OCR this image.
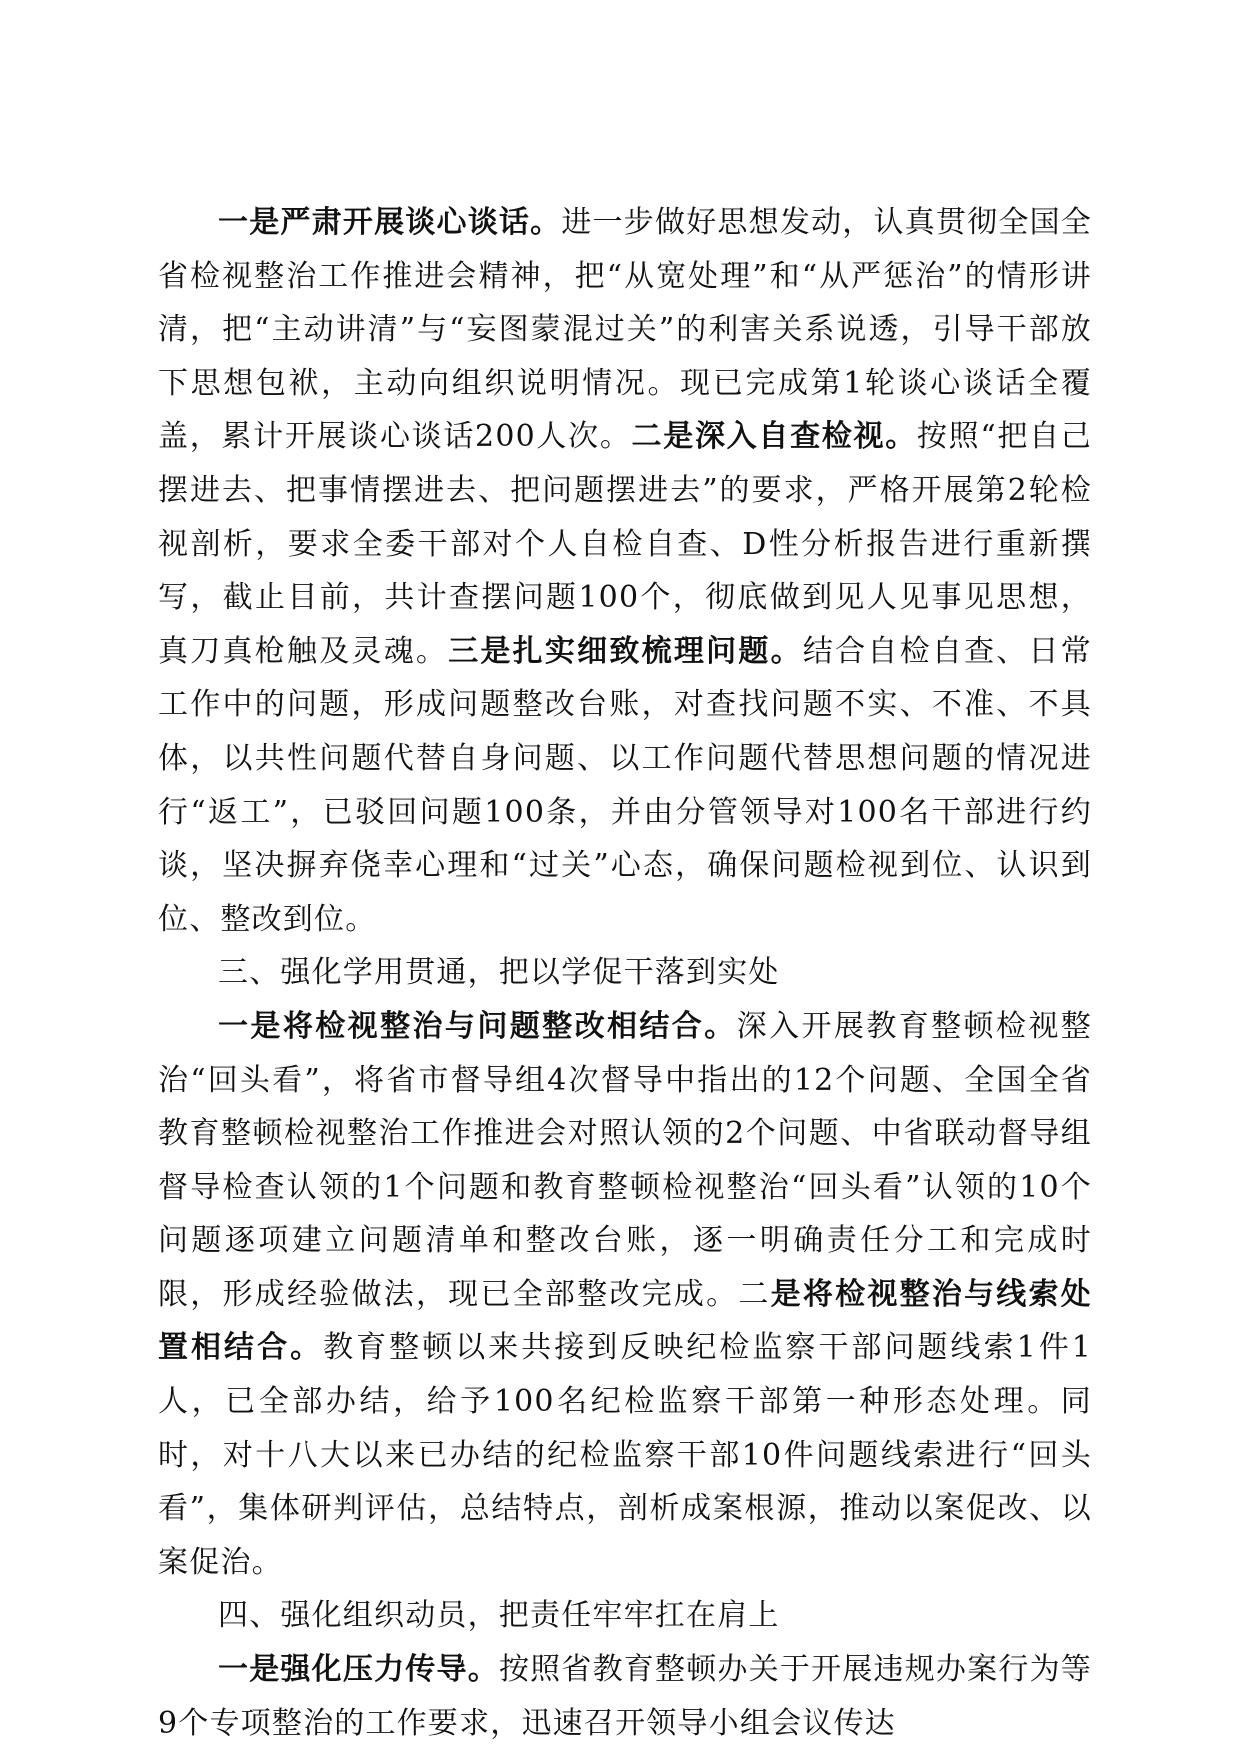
一是严肃开展谈心谈话。进一步做好思想发动，认真贯彻全国全省检视整治工作推进会精神，把“从宽处理”和“从严惩治”的情形讲清，把“主动讲清”与“妄图蒙混过关”的利害关系说透，引导干部放下思想包袱，主动向组织说明情况。现已完成第1轮谈心谈话全覆盖，累计开展谈心谈话200人次。二是深入自查检视。按照“把自己摆进去、把事情摆进去、把问题摆进去”的要求，严格开展第2轮检视剖析，要求全委干部对个人自检自查、D性分析报告进行重新撰写，截止目前，共计查摆问题100个，彻底做到见人见事见思想，真刀真枪触及灵魂。三是扎实细致梳理问题。结合自检自查、日常工作中的问题，形成问题整改台账，对查找问题不实、不准、不具体，以共性问题代替自身问题、以工作问题代替思想问题的情况进行“返工”，已驳回问题100条，并由分管领导对100名干部进行约谈，坚决摒弃侥幸心理和“过关”心态，确保问题检视到位、认识到位、整改到位。

三、强化学用贯通，把以学促干落到实处

一是将检视整治与问题整改相结合。深入开展教育整顿检视整治“回头看”，将省市督导组4次督导中指出的12个问题、全国全省教育整顿检视整治工作推进会对照认领的2个问题、中省联动督导组督导检查认领的1个问题和教育整顿检视整治“回头看”认领的10个问题逐项建立问题清单和整改台账，逐一明确责任分工和完成时限，形成经验做法，现已全部整改完成。二是将检视整治与线索处置相结合。教育整顿以来共接到反映纪检监察干部问题线索1件1人，已全部办结，给予100名纪检监察干部第一种形态处理。同时，对十八大以来已办结的纪检监察干部10件问题线索进行“回头看”，集体研判评估，总结特点，剖析成案根源，推动以案促改、以案促治。

四、强化组织动员，把责任牢牢扛在肩上

一是强化压力传导。按照省教育整顿办关于开展违规办案行为等9个专项整治的工作要求，迅速召开领导小组会议传达
